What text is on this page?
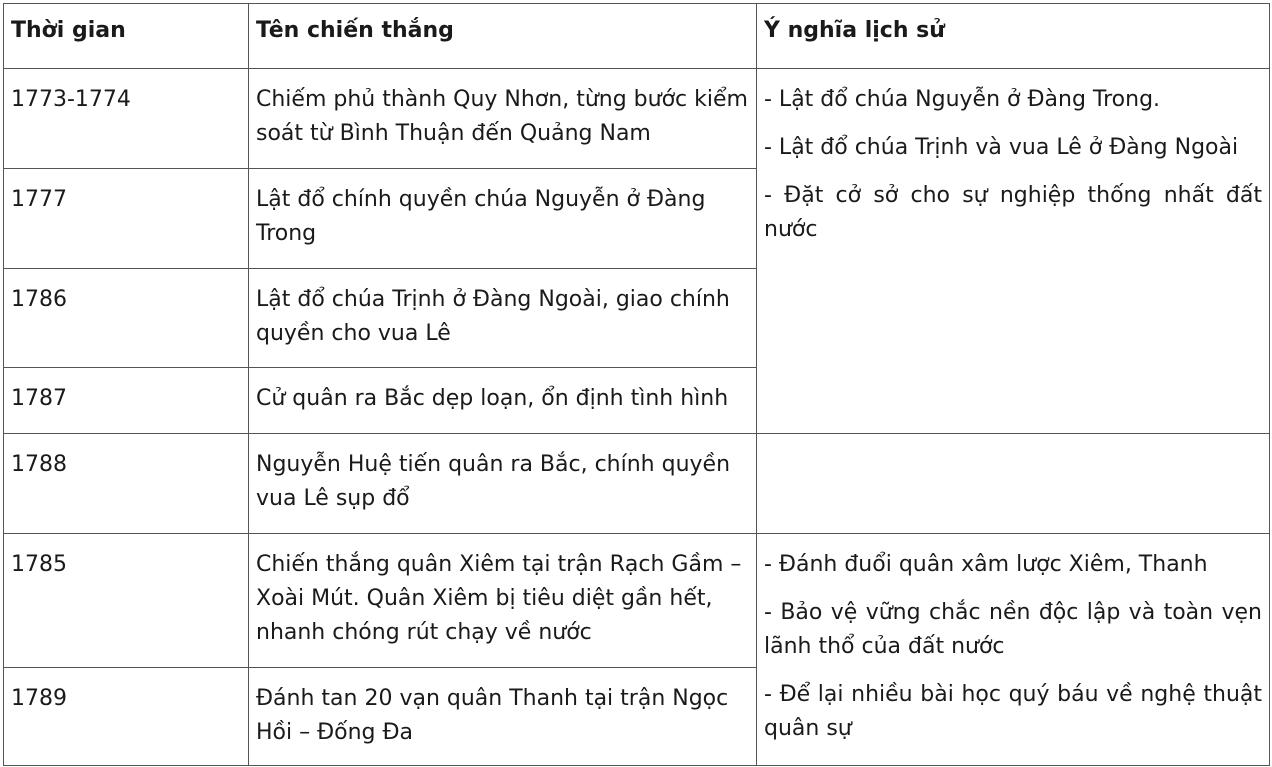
Thời gian	Tên chiến thắng	Ý nghĩa lịch sử
1773-1774	Chiếm phủ thành Quy Nhơn, từng bước kiểm soát từ Bình Thuận đến Quảng Nam	- Lật đổ chúa Nguyễn ở Đàng Trong.

- Lật đổ chúa Trịnh và vua Lê ở Đàng Ngoài

- Đặt cở sở cho sự nghiệp thống nhất đất nước

1777	Lật đổ chính quyền chúa Nguyễn ở Đàng Trong	
1786	Lật đổ chúa Trịnh ở Đàng Ngoài, giao chính quyền cho vua Lê	
1787	Cử quân ra Bắc dẹp loạn, ổn định tình hình	
1788	Nguyễn Huệ tiến quân ra Bắc, chính quyền vua Lê sụp đổ	
1785	Chiến thắng quân Xiêm tại trận Rạch Gầm – Xoài Mút. Quân Xiêm bị tiêu diệt gần hết, nhanh chóng rút chạy về nước	- Đánh đuổi quân xâm lược Xiêm, Thanh

- Bảo vệ vững chắc nền độc lập và toàn vẹn lãnh thổ của đất nước

- Để lại nhiều bài học quý báu về nghệ thuật quân sự

1789	Đánh tan 20 vạn quân Thanh tại trận Ngọc Hồi – Đống Đa	
